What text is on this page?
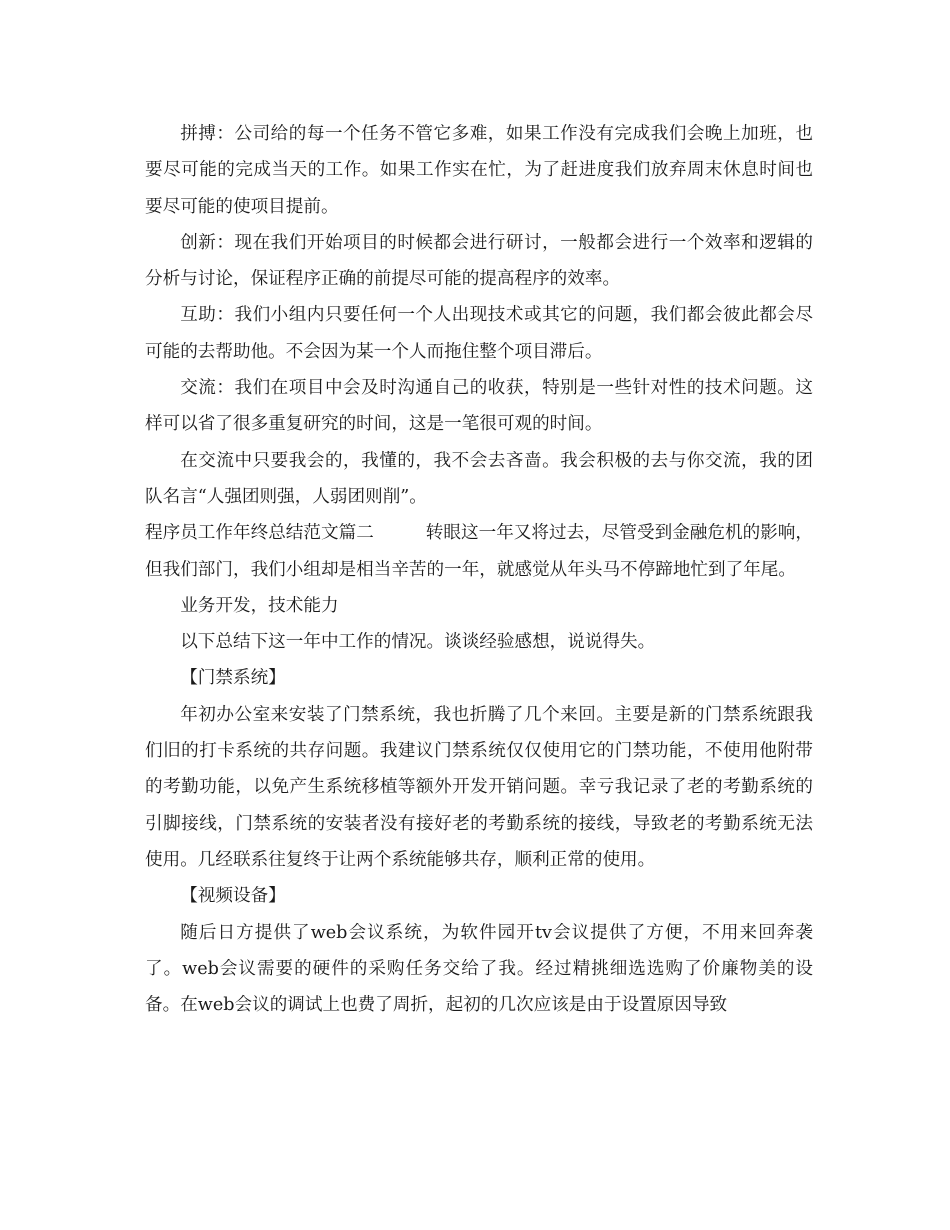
拼搏：公司给的每一个任务不管它多难，如果工作没有完成我们会晚上加班，也要尽可能的完成当天的工作。如果工作实在忙，为了赶进度我们放弃周末休息时间也要尽可能的使项目提前。

创新：现在我们开始项目的时候都会进行研讨，一般都会进行一个效率和逻辑的分析与讨论，保证程序正确的前提尽可能的提高程序的效率。

互助：我们小组内只要任何一个人出现技术或其它的问题，我们都会彼此都会尽可能的去帮助他。不会因为某一个人而拖住整个项目滞后。

交流：我们在项目中会及时沟通自己的收获，特别是一些针对性的技术问题。这样可以省了很多重复研究的时间，这是一笔很可观的时间。

在交流中只要我会的，我懂的，我不会去吝啬。我会积极的去与你交流，我的团队名言“人强团则强，人弱团则削”。

程序员工作年终总结范文篇二	转眼这一年又将过去，尽管受到金融危机的影响，但我们部门，我们小组却是相当辛苦的一年，就感觉从年头马不停蹄地忙到了年尾。

业务开发，技术能力

以下总结下这一年中工作的情况。谈谈经验感想，说说得失。

【门禁系统】

年初办公室来安装了门禁系统，我也折腾了几个来回。主要是新的门禁系统跟我们旧的打卡系统的共存问题。我建议门禁系统仅仅使用它的门禁功能，不使用他附带的考勤功能，以免产生系统移植等额外开发开销问题。幸亏我记录了老的考勤系统的引脚接线，门禁系统的安装者没有接好老的考勤系统的接线，导致老的考勤系统无法使用。几经联系往复终于让两个系统能够共存，顺利正常的使用。

【视频设备】

随后日方提供了web会议系统，为软件园开tv会议提供了方便，不用来回奔袭了。web会议需要的硬件的采购任务交给了我。经过精挑细选选购了价廉物美的设备。在web会议的调试上也费了周折，起初的几次应该是由于设置原因导致
